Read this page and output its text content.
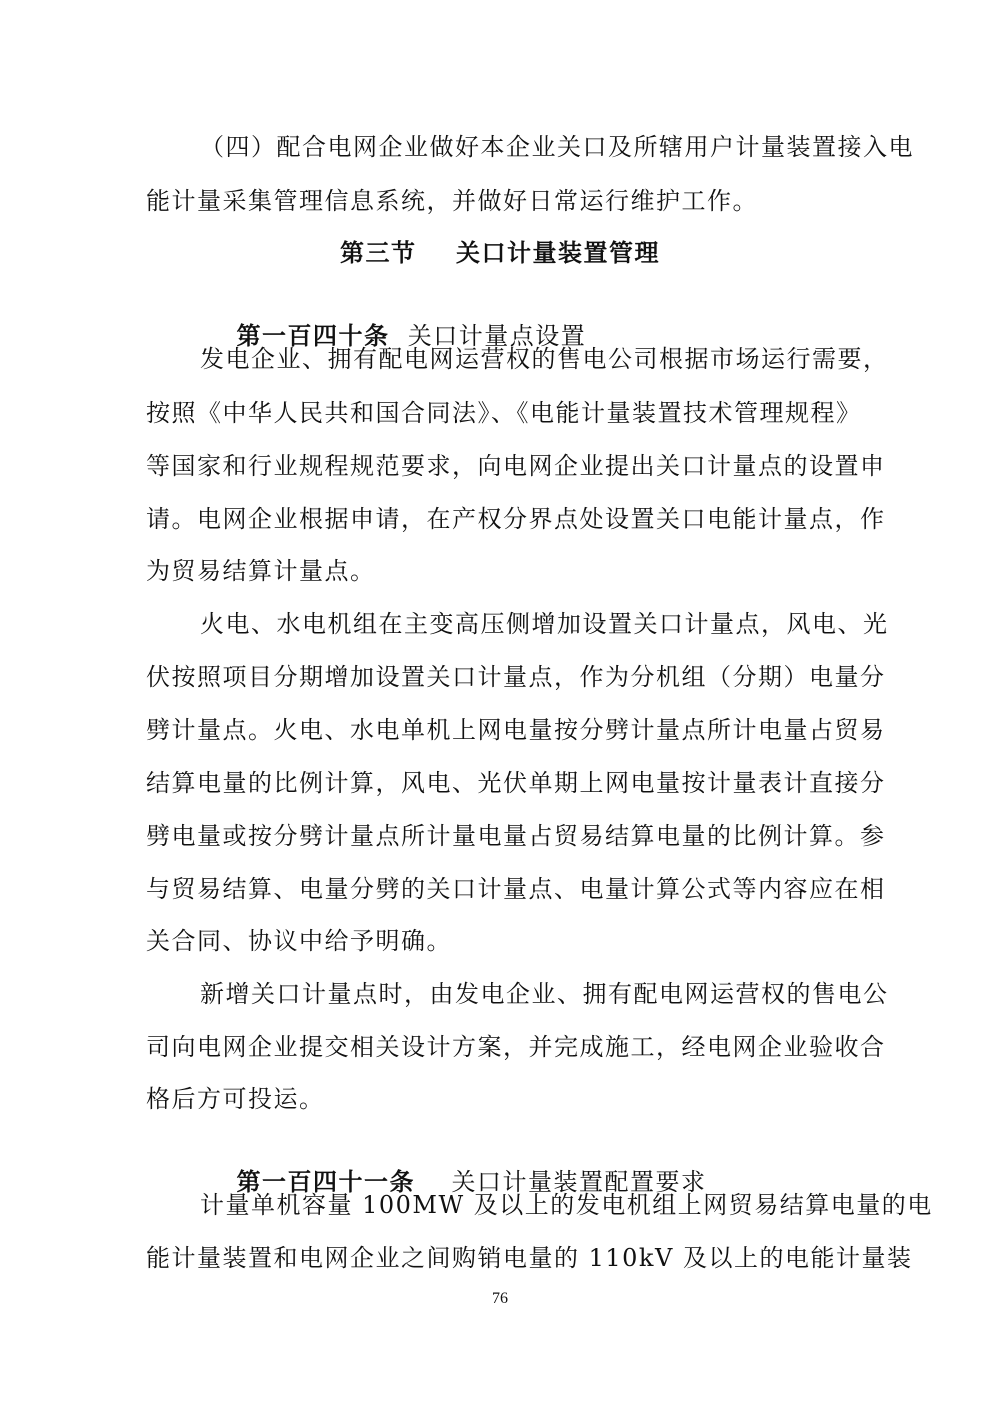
（四）配合电网企业做好本企业关口及所辖用户计量装置接入电
能计量采集管理信息系统，并做好日常运行维护工作。
第三节    关口计量装置管理

第一百四十条 关口计量点设置

发电企业、拥有配电网运营权的售电公司根据市场运行需要，
按照《中华人民共和国合同法》、《电能计量装置技术管理规程》
等国家和行业规程规范要求，向电网企业提出关口计量点的设置申
请。电网企业根据申请，在产权分界点处设置关口电能计量点，作
为贸易结算计量点。
火电、水电机组在主变高压侧增加设置关口计量点，风电、光
伏按照项目分期增加设置关口计量点，作为分机组（分期）电量分
劈计量点。火电、水电单机上网电量按分劈计量点所计电量占贸易
结算电量的比例计算，风电、光伏单期上网电量按计量表计直接分
劈电量或按分劈计量点所计量电量占贸易结算电量的比例计算。参
与贸易结算、电量分劈的关口计量点、电量计算公式等内容应在相
关合同、协议中给予明确。
新增关口计量点时，由发电企业、拥有配电网运营权的售电公
司向电网企业提交相关设计方案，并完成施工，经电网企业验收合
格后方可投运。

第一百四十一条 关口计量装置配置要求

计量单机容量 100MW 及以上的发电机组上网贸易结算电量的电
能计量装置和电网企业之间购销电量的 110kV 及以上的电能计量装
76
